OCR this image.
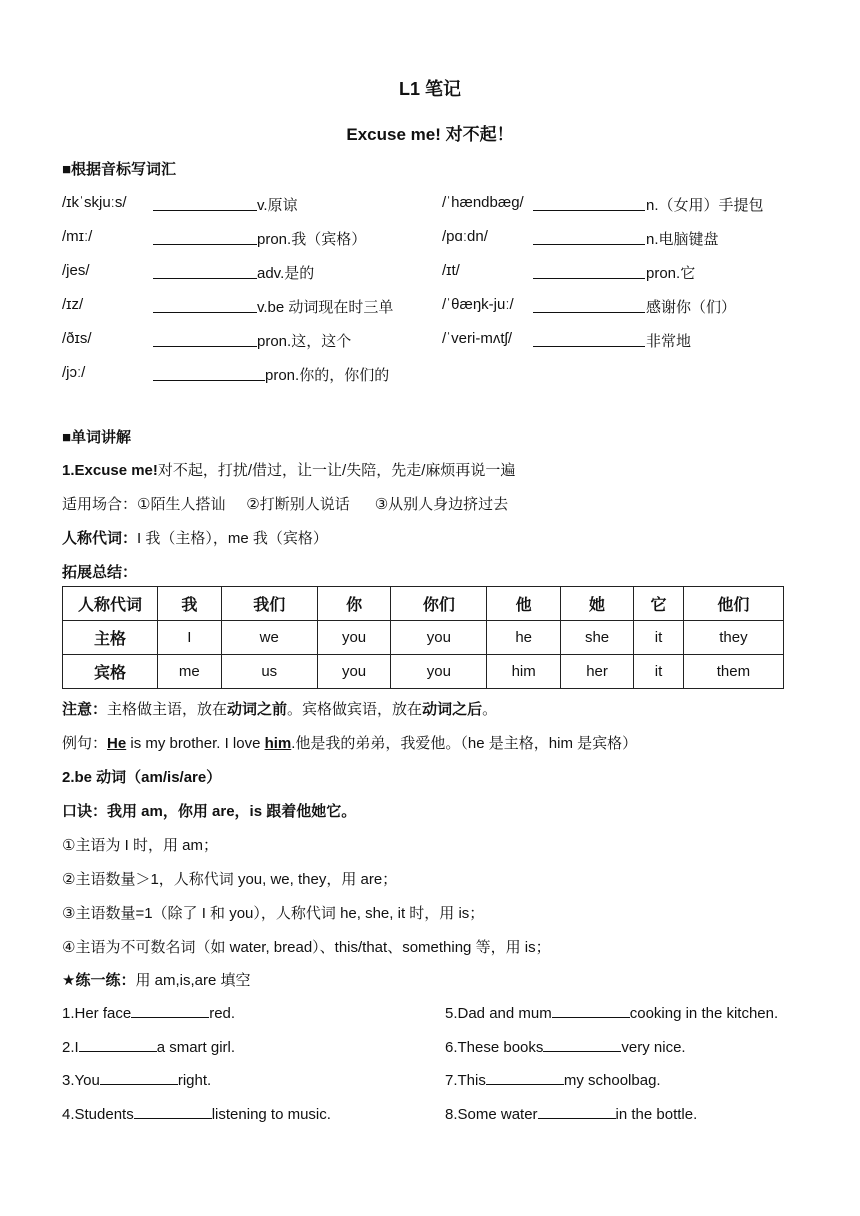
L1 笔记
Excuse me! 对不起！
■根据音标写词汇
/ɪkˈskjuːs/	v.原谅
/mɪː/	pron.我（宾格）
/jes/	adv.是的
/ɪz/	v.be 动词现在时三单
/ðɪs/	pron.这，这个
/jɔː/	pron.你的，你们的
/ˈhændbæg/	n.（女用）手提包
/pɑːdn/	n.电脑键盘
/ɪt/	pron.它
/ˈθæŋk-juː/	感谢你（们）
/ˈveri-mʌtʃ/	非常地
■单词讲解
1.Excuse me!对不起，打扰/借过，让一让/失陪，先走/麻烦再说一遍
适用场合：①陌生人搭讪     ②打断别人说话      ③从别人身边挤过去
人称代词：I 我（主格），me 我（宾格）
拓展总结：
人称代词	我	我们	你	你们	他	她	它	他们
主格	I	we	you	you	he	she	it	they
宾格	me	us	you	you	him	her	it	them
注意：主格做主语，放在动词之前。宾格做宾语，放在动词之后。
例句：He is my brother. I love him.他是我的弟弟，我爱他。（he 是主格，him 是宾格）
2.be 动词（am/is/are）
口诀：我用 am，你用 are，is 跟着他她它。
①主语为 I 时，用 am；
②主语数量＞1，人称代词 you, we, they，用 are；
③主语数量=1（除了 I 和 you），人称代词 he, she, it 时，用 is；
④主语为不可数名词（如 water, bread）、this/that、something 等，用 is；
★练一练：用 am,is,are 填空
1.Her face	red.
2.I	a smart girl.
3.You	right.
4.Students	listening to music.
5.Dad and mum	cooking in the kitchen.
6.These books	very nice.
7.This	my schoolbag.
8.Some water	in the bottle.
